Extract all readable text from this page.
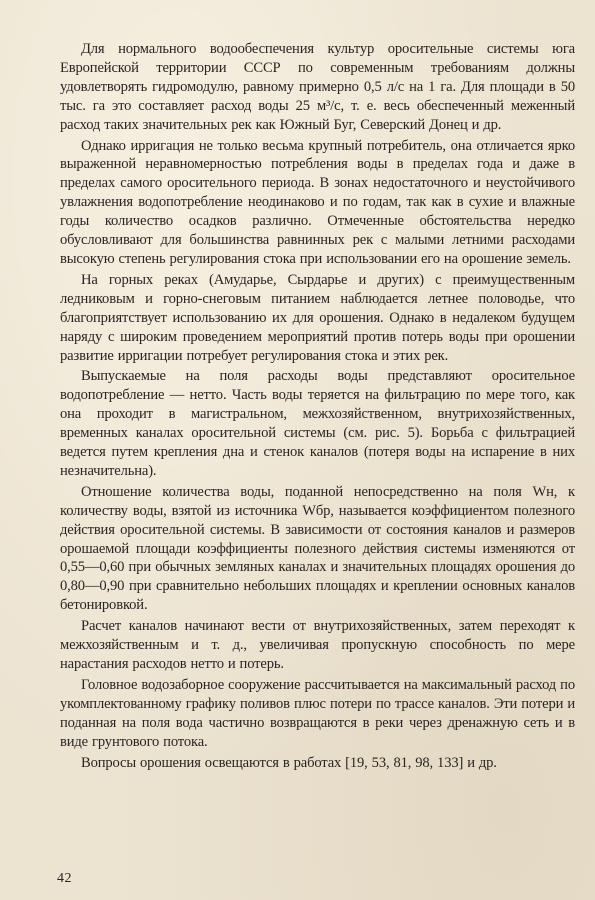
Для нормального водообеспечения культур оросительные системы юга Европейской территории СССР по современным требованиям должны удовлетворять гидромодулю, равному примерно 0,5 л/с на 1 га. Для площади в 50 тыс. га это составляет расход воды 25 м³/с, т. е. весь обеспеченный меженный расход таких значительных рек как Южный Буг, Северский Донец и др.

Однако ирригация не только весьма крупный потребитель, она отличается ярко выраженной неравномерностью потребления воды в пределах года и даже в пределах самого оросительного периода. В зонах недостаточного и неустойчивого увлажнения водопотребление неодинаково и по годам, так как в сухие и влажные годы количество осадков различно. Отмеченные обстоятельства нередко обусловливают для большинства равнинных рек с малыми летними расходами высокую степень регулирования стока при использовании его на орошение земель.

На горных реках (Амударье, Сырдарье и других) с преимущественным ледниковым и горно-снеговым питанием наблюдается летнее половодье, что благоприятствует использованию их для орошения. Однако в недалеком будущем наряду с широким проведением мероприятий против потерь воды при орошении развитие ирригации потребует регулирования стока и этих рек.

Выпускаемые на поля расходы воды представляют оросительное водопотребление — нетто. Часть воды теряется на фильтрацию по мере того, как она проходит в магистральном, межхозяйственном, внутрихозяйственных, временных каналах оросительной системы (см. рис. 5). Борьба с фильтрацией ведется путем крепления дна и стенок каналов (потеря воды на испарение в них незначительна).

Отношение количества воды, поданной непосредственно на поля Wн, к количеству воды, взятой из источника Wбр, называется коэффициентом полезного действия оросительной системы. В зависимости от состояния каналов и размеров орошаемой площади коэффициенты полезного действия системы изменяются от 0,55—0,60 при обычных земляных каналах и значительных площадях орошения до 0,80—0,90 при сравнительно небольших площадях и креплении основных каналов бетонировкой.

Расчет каналов начинают вести от внутрихозяйственных, затем переходят к межхозяйственным и т. д., увеличивая пропускную способность по мере нарастания расходов нетто и потерь.

Головное водозаборное сооружение рассчитывается на максимальный расход по укомплектованному графику поливов плюс потери по трассе каналов. Эти потери и поданная на поля вода частично возвращаются в реки через дренажную сеть и в виде грунтового потока.

Вопросы орошения освещаются в работах [19, 53, 81, 98, 133] и др.

42
